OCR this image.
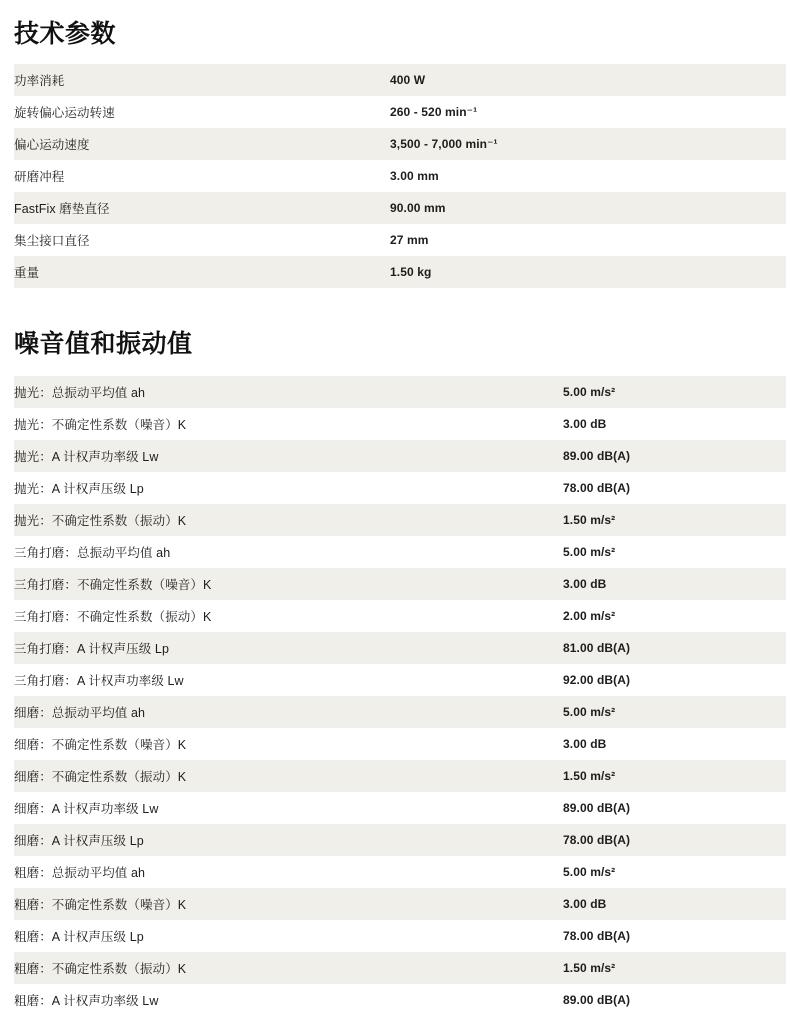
技术参数
功率消耗	400 W
旋转偏心运动转速	260 - 520 min⁻¹
偏心运动速度	3,500 - 7,000 min⁻¹
研磨冲程	3.00 mm
FastFix 磨垫直径	90.00 mm
集尘接口直径	27 mm
重量	1.50 kg
噪音值和振动值
抛光：总振动平均值 ah	5.00 m/s²
抛光：不确定性系数（噪音）K	3.00 dB
抛光：A 计权声功率级 Lw	89.00 dB(A)
抛光：A 计权声压级 Lp	78.00 dB(A)
抛光：不确定性系数（振动）K	1.50 m/s²
三角打磨：总振动平均值 ah	5.00 m/s²
三角打磨：不确定性系数（噪音）K	3.00 dB
三角打磨：不确定性系数（振动）K	2.00 m/s²
三角打磨：A 计权声压级 Lp	81.00 dB(A)
三角打磨：A 计权声功率级 Lw	92.00 dB(A)
细磨：总振动平均值 ah	5.00 m/s²
细磨：不确定性系数（噪音）K	3.00 dB
细磨：不确定性系数（振动）K	1.50 m/s²
细磨：A 计权声功率级 Lw	89.00 dB(A)
细磨：A 计权声压级 Lp	78.00 dB(A)
粗磨：总振动平均值 ah	5.00 m/s²
粗磨：不确定性系数（噪音）K	3.00 dB
粗磨：A 计权声压级 Lp	78.00 dB(A)
粗磨：不确定性系数（振动）K	1.50 m/s²
粗磨：A 计权声功率级 Lw	89.00 dB(A)
